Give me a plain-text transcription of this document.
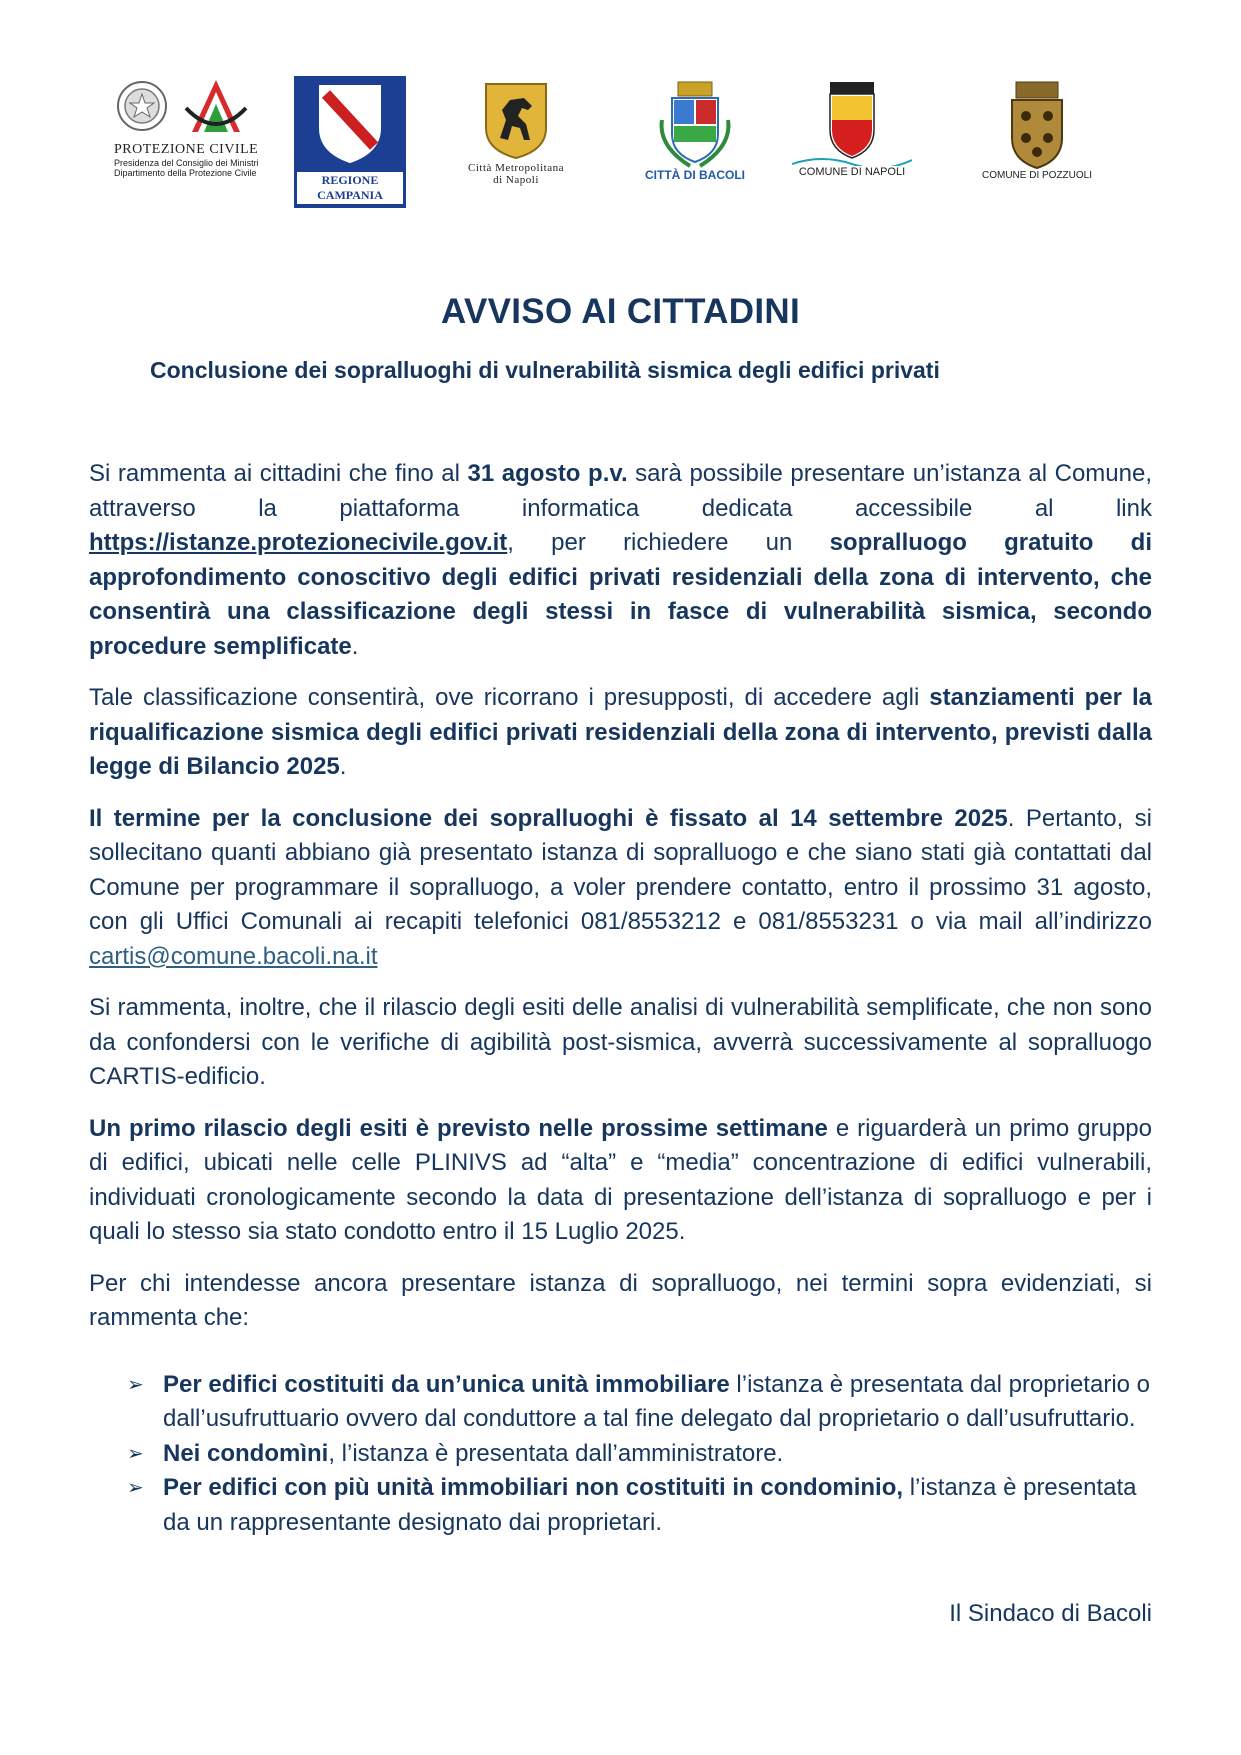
PROTEZIONE CIVILE
Presidenza del Consiglio dei Ministri
Dipartimento della Protezione Civile	REGIONE CAMPANIA
Città Metropolitana
di Napoli	CITTÀ DI BACOLI	COMUNE DI NAPOLI	COMUNE DI POZZUOLI
AVVISO AI CITTADINI
Conclusione dei sopralluoghi di vulnerabilità sismica degli edifici privati

Si rammenta ai cittadini che fino al 31 agosto p.v. sarà possibile presentare un’istanza al Comune, attraverso la piattaforma informatica dedicata accessibile al link https://istanze.protezionecivile.gov.it, per richiedere un sopralluogo gratuito di approfondimento conoscitivo degli edifici privati residenziali della zona di intervento, che consentirà una classificazione degli stessi in fasce di vulnerabilità sismica, secondo procedure semplificate.

Tale classificazione consentirà, ove ricorrano i presupposti, di accedere agli stanziamenti per la riqualificazione sismica degli edifici privati residenziali della zona di intervento, previsti dalla legge di Bilancio 2025.

Il termine per la conclusione dei sopralluoghi è fissato al 14 settembre 2025. Pertanto, si sollecitano quanti abbiano già presentato istanza di sopralluogo e che siano stati già contattati dal Comune per programmare il sopralluogo, a voler prendere contatto, entro il prossimo 31 agosto, con gli Uffici Comunali ai recapiti telefonici 081/8553212 e 081/8553231 o via mail all’indirizzo cartis@comune.bacoli.na.it

Si rammenta, inoltre, che il rilascio degli esiti delle analisi di vulnerabilità semplificate, che non sono da confondersi con le verifiche di agibilità post-sismica, avverrà successivamente al sopralluogo CARTIS-edificio.

Un primo rilascio degli esiti è previsto nelle prossime settimane e riguarderà un primo gruppo di edifici, ubicati nelle celle PLINIVS ad “alta” e “media” concentrazione di edifici vulnerabili, individuati cronologicamente secondo la data di presentazione dell’istanza di sopralluogo e per i quali lo stesso sia stato condotto entro il 15 Luglio 2025.

Per chi intendesse ancora presentare istanza di sopralluogo, nei termini sopra evidenziati, si rammenta che:

➢ Per edifici costituiti da un’unica unità immobiliare l’istanza è presentata dal proprietario o dall’usufruttuario ovvero dal conduttore a tal fine delegato dal proprietario o dall’usufruttario.
➢ Nei condomìni, l’istanza è presentata dall’amministratore.
➢ Per edifici con più unità immobiliari non costituiti in condominio, l’istanza è presentata da un rappresentante designato dai proprietari.
Il Sindaco di Bacoli
